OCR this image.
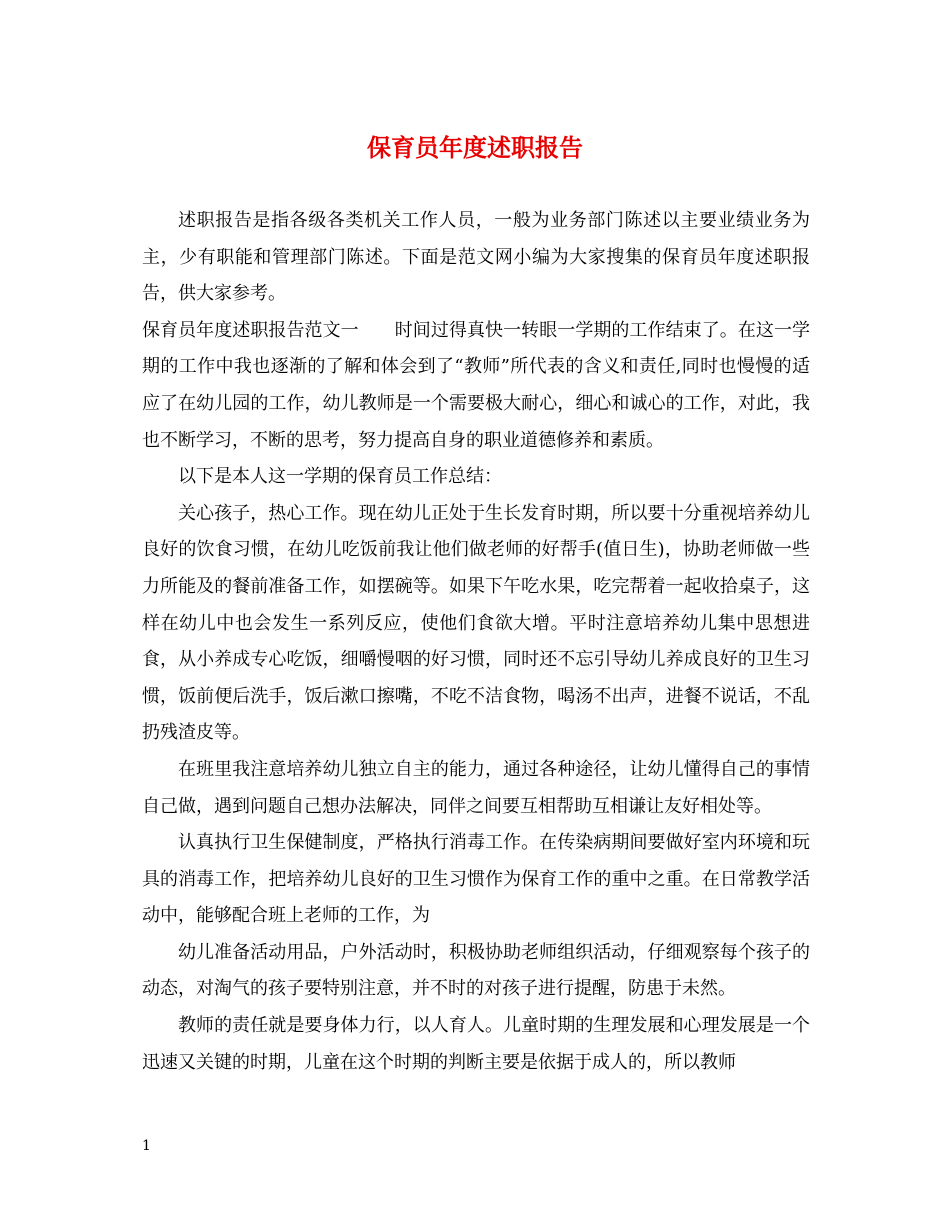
保育员年度述职报告

述职报告是指各级各类机关工作人员，一般为业务部门陈述以主要业绩业务为主，少有职能和管理部门陈述。下面是范文网小编为大家搜集的保育员年度述职报告，供大家参考。

保育员年度述职报告范文一 时间过得真快一转眼一学期的工作结束了。在这一学期的工作中我也逐渐的了解和体会到了“教师”所代表的含义和责任,同时也慢慢的适应了在幼儿园的工作，幼儿教师是一个需要极大耐心，细心和诚心的工作，对此，我也不断学习，不断的思考，努力提高自身的职业道德修养和素质。

以下是本人这一学期的保育员工作总结：

关心孩子，热心工作。现在幼儿正处于生长发育时期，所以要十分重视培养幼儿良好的饮食习惯，在幼儿吃饭前我让他们做老师的好帮手(值日生)，协助老师做一些力所能及的餐前准备工作，如摆碗等。如果下午吃水果，吃完帮着一起收拾桌子，这样在幼儿中也会发生一系列反应，使他们食欲大增。平时注意培养幼儿集中思想进食，从小养成专心吃饭，细嚼慢咽的好习惯，同时还不忘引导幼儿养成良好的卫生习惯，饭前便后洗手，饭后漱口擦嘴，不吃不洁食物，喝汤不出声，进餐不说话，不乱扔残渣皮等。

在班里我注意培养幼儿独立自主的能力，通过各种途径，让幼儿懂得自己的事情自己做，遇到问题自己想办法解决，同伴之间要互相帮助互相谦让友好相处等。

认真执行卫生保健制度，严格执行消毒工作。在传染病期间要做好室内环境和玩具的消毒工作，把培养幼儿良好的卫生习惯作为保育工作的重中之重。在日常教学活动中，能够配合班上老师的工作，为

幼儿准备活动用品，户外活动时，积极协助老师组织活动，仔细观察每个孩子的动态，对淘气的孩子要特别注意，并不时的对孩子进行提醒，防患于未然。

教师的责任就是要身体力行，以人育人。儿童时期的生理发展和心理发展是一个迅速又关键的时期，儿童在这个时期的判断主要是依据于成人的，所以教师

1
